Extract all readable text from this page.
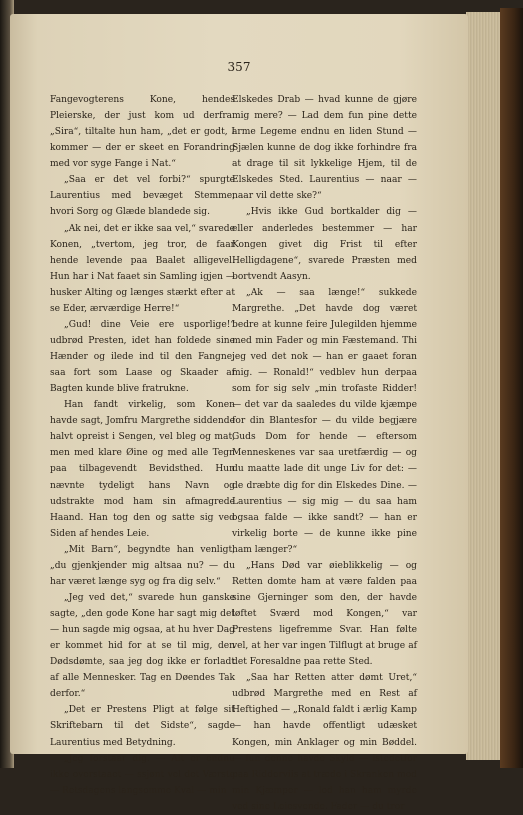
357

Fangevogterens Kone, hendes Pleierske, der just kom ud derfra. „Sira“, tiltalte hun ham, „det er godt, I kommer — der er skeet en Forandring med vor syge Fange i Nat.“

„Saa er det vel forbi?“ spurgte Laurentius med bevæget Stemme, hvori Sorg og Glæde blandede sig.

„Ak nei, det er ikke saa vel,“ svarede Konen, „tvertom, jeg tror, de faar hende levende paa Baalet alligevel. Hun har i Nat faaet sin Samling igjen — husker Alting og længes stærkt efter at se Eder, ærværdige Herre!“

„Gud! dine Veie ere usporlige!“ udbrød Presten, idet han foldede sine Hænder og ilede ind til den Fangne, saa fort som Laase og Skaader af Bagten kunde blive fratrukne.

Han fandt virkelig, som Konen havde sagt, Jomfru Margrethe siddende halvt opreist i Sengen, vel bleg og mat, men med klare Øine og med alle Tegn paa tilbagevendt Bevidsthed. Hun nævnte tydeligt hans Navn og udstrakte mod ham sin afmagrede Haand. Han tog den og satte sig ved Siden af hendes Leie.

„Mit Barn“, begyndte han venligt, „du gjenkjender mig altsaa nu? — du har været længe syg og fra dig selv.“

„Jeg ved det,“ svarede hun ganske sagte, „den gode Kone har sagt mig det — hun sagde mig ogsaa, at hu hver Dag er kommet hid for at se til mig, den Dødsdømte, saa jeg dog ikke er forladt af alle Mennesker. Tag en Døendes Tak derfor.“

„Det er Prestens Pligt at følge sit Skriftebarn til det Sidste“, sagde Laurentius med Betydning.

„Jeg forstaar dig. — Alt er endnu ikke overstaaet — ssjønt vel det Værste — Retsdagens langsomme Kval — min

Elskedes Drab — hvad kunne de gjøre mig mere? — Lad dem fun pine dette arme Legeme endnu en liden Stund — Sjælen kunne de dog ikke forhindre fra at drage til sit lykkelige Hjem, til de Elskedes Sted. Laurentius — naar — naar vil dette ske?“

„Hvis ikke Gud bortkalder dig — eller anderledes bestemmer — har Kongen givet dig Frist til efter Helligdagene“, svarede Præsten med bortvendt Aasyn.

„Ak — saa længe!“ sukkede Margrethe. „Det havde dog været bedre at kunne feire Julegilden hjemme med min Fader og min Fæstemand. Thi jeg ved det nok — han er gaaet foran mig. — Ronald!“ vedblev hun derpaa som for sig selv „min trofaste Ridder! — det var da saaledes du vilde kjæmpe for din Blantesfor — du vilde begjære Guds Dom for hende — eftersom Menneskenes var saa uretfærdig — og du maatte lade dit unge Liv for det: — de dræbte dig for din Elskedes Dine. — Laurentius — sig mig — du saa ham ogsaa falde — ikke sandt? — han er virkelig borte — de kunne ikke pine ham længer?“

„Hans Død var øieblikkelig — og Retten domte ham at være falden paa sine Gjerninger som den, der havde løftet Sværd mod Kongen,“ var Prestens ligefremme Svar. Han følte vel, at her var ingen Tilflugt at bruge af det Foresaldne paa rette Sted.

„Saa har Retten atter dømt Uret,“ udbrød Margrethe med en Rest af Heftighed — „Ronald faldt i ærlig Kamp — han havde offentligt udæsket Kongen, min Anklager og min Bøddel. — fun denne havde Skyld — istedetfor paa Ridderviis at træde i Skranken mod min Kjæmper — lod han ham myrde ved sine Leiesvende. Fader — du tror
